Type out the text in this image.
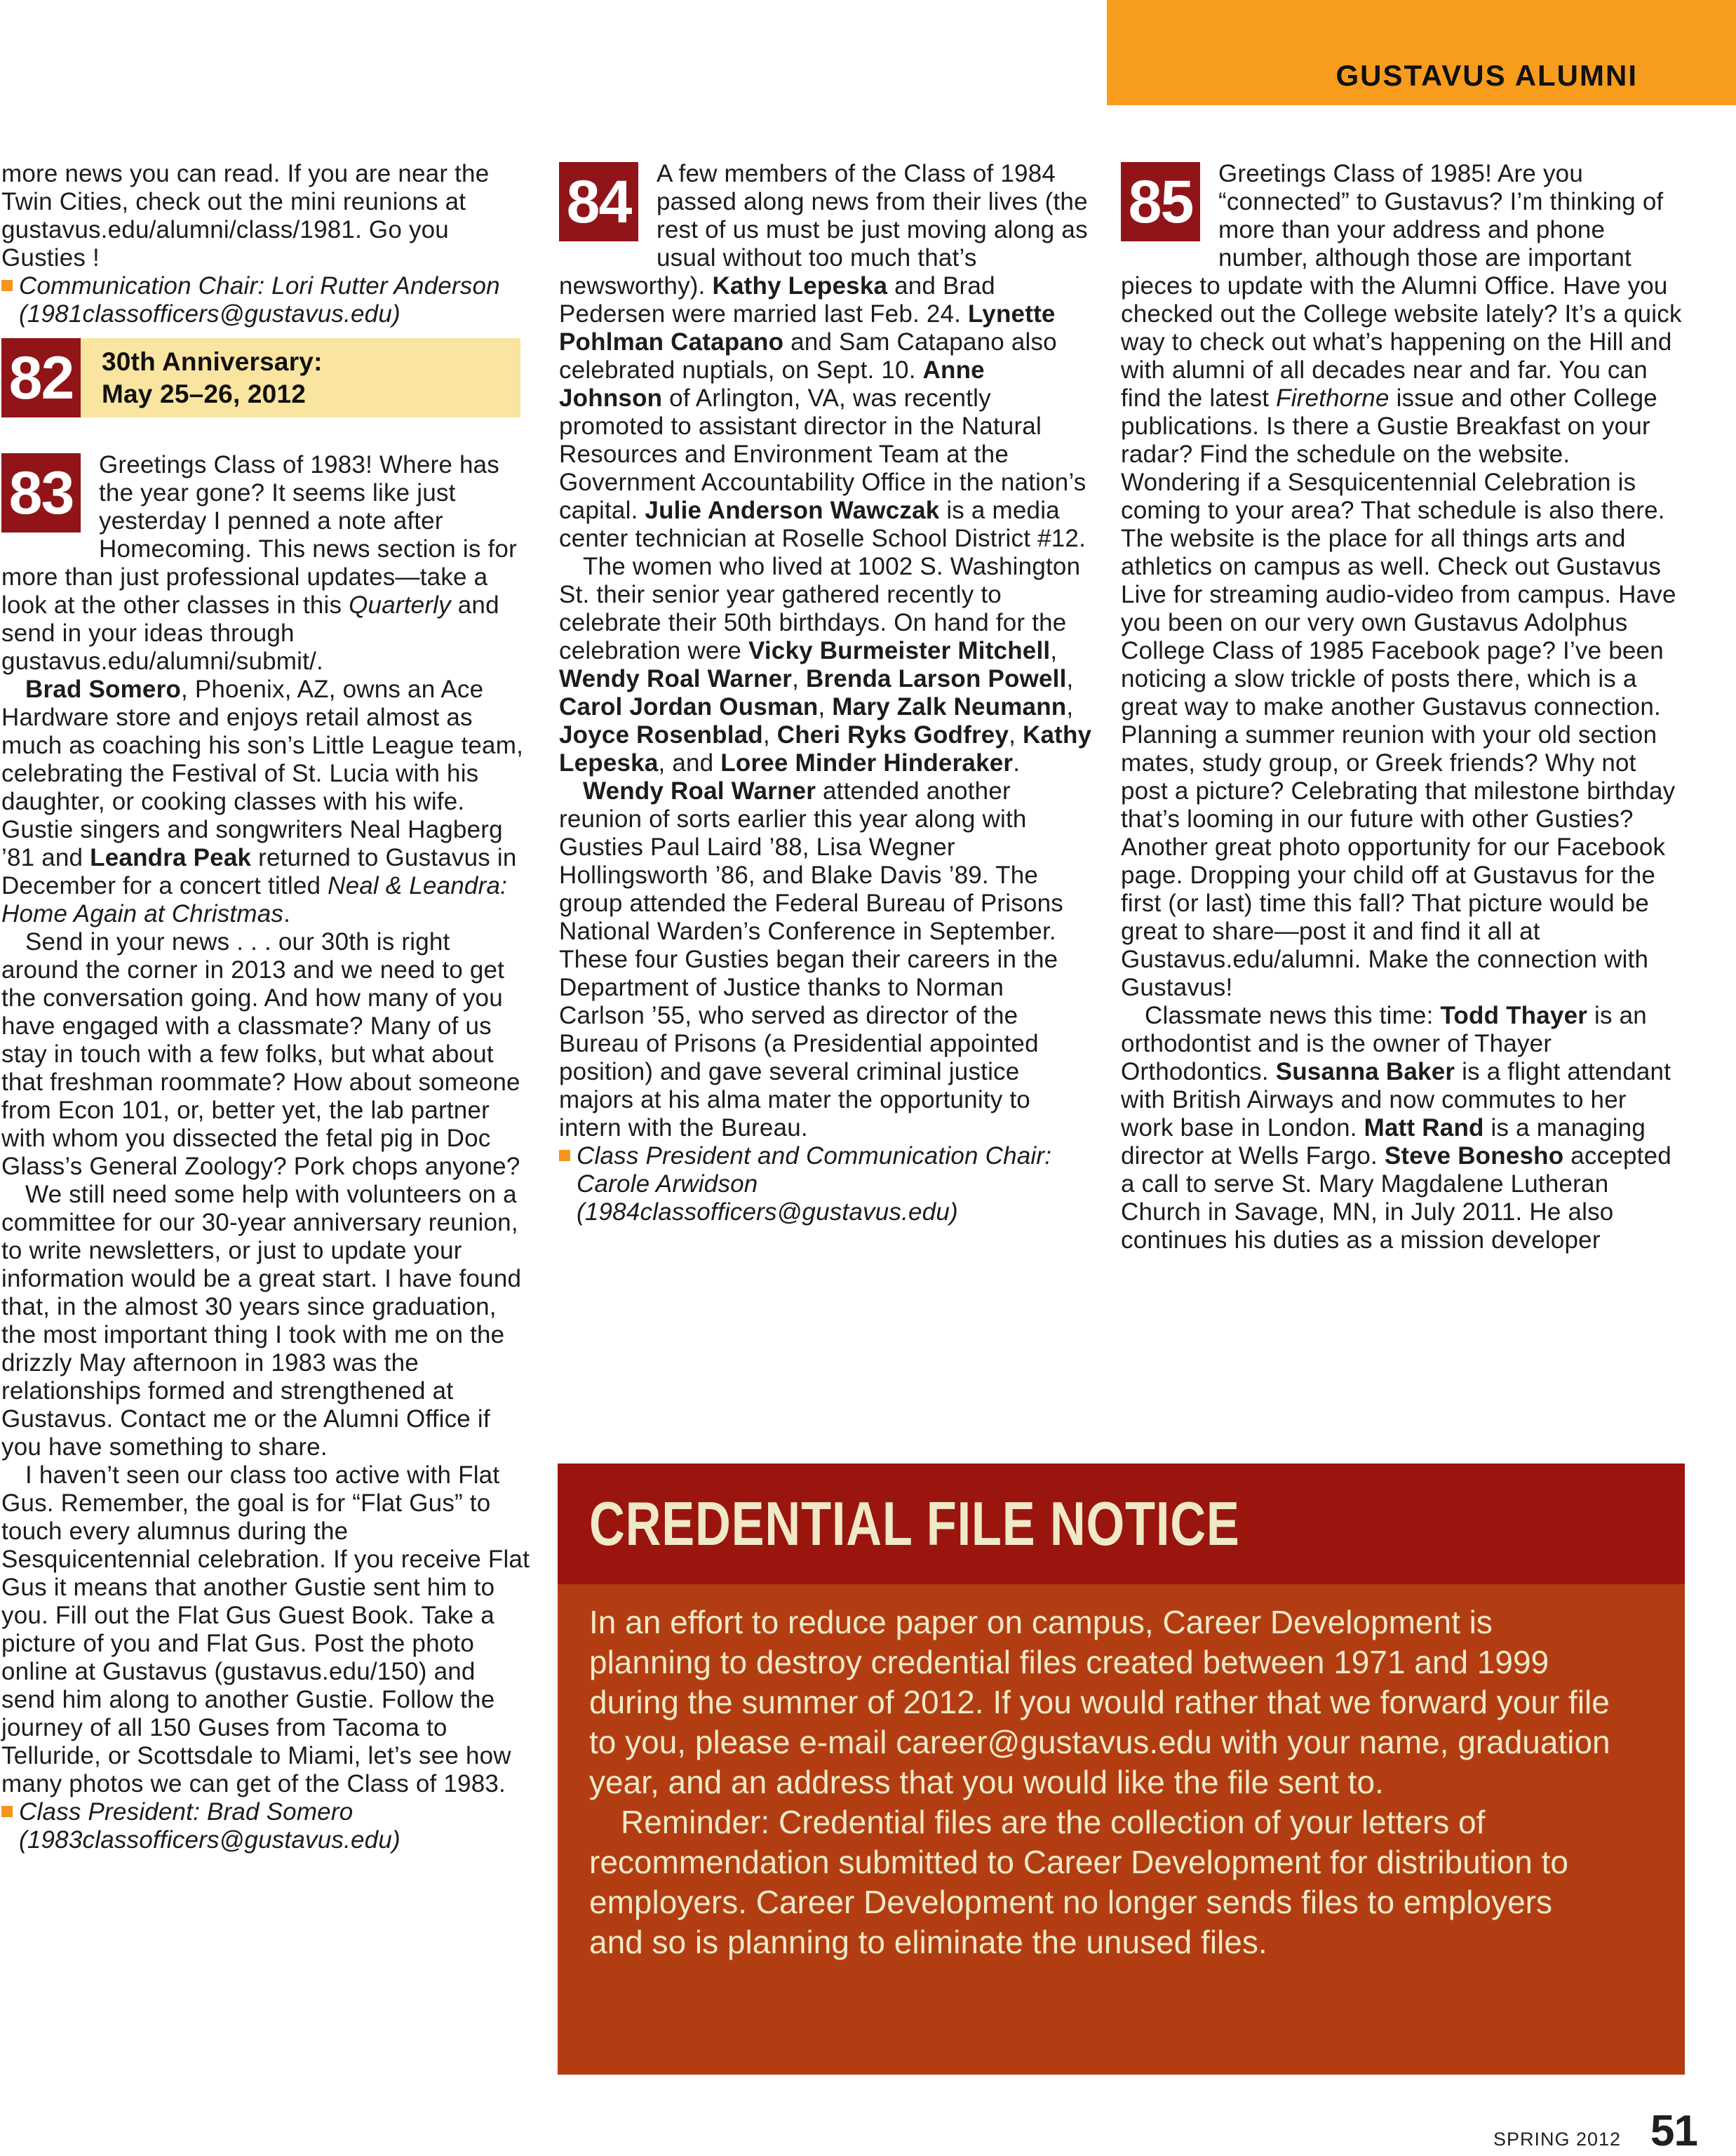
GUSTAVUS ALUMNI

more news you can read. If you are near the Twin Cities, check out the mini reunions at gustavus.edu/alumni/class/1981. Go you Gusties !

Communication Chair: Lori Rutter Anderson (1981classofficers@gustavus.edu)
82 30th Anniversary:
May 25–26, 2012

83	Greetings Class of 1983! Where has the year gone? It seems like just yesterday I penned a note after Homecoming. This news section is for more than just professional updates—take a look at the other classes in this Quarterly and send in your ideas through gustavus.edu/alumni/submit/.

Brad Somero, Phoenix, AZ, owns an Ace Hardware store and enjoys retail almost as much as coaching his son’s Little League team, celebrating the Festival of St. Lucia with his daughter, or cooking classes with his wife. Gustie singers and songwriters Neal Hagberg ’81 and Leandra Peak returned to Gustavus in December for a concert titled Neal & Leandra: Home Again at Christmas.

Send in your news . . . our 30th is right around the corner in 2013 and we need to get the conversation going. And how many of you have engaged with a classmate? Many of us stay in touch with a few folks, but what about that freshman roommate? How about someone from Econ 101, or, better yet, the lab partner with whom you dissected the fetal pig in Doc Glass’s General Zoology? Pork chops anyone?

We still need some help with volunteers on a committee for our 30-year anniversary reunion, to write newsletters, or just to update your information would be a great start. I have found that, in the almost 30 years since graduation, the most important thing I took with me on the drizzly May afternoon in 1983 was the relationships formed and strengthened at Gustavus. Contact me or the Alumni Office if you have something to share.

I haven’t seen our class too active with Flat Gus. Remember, the goal is for “Flat Gus” to touch every alumnus during the Sesquicentennial celebration. If you receive Flat Gus it means that another Gustie sent him to you. Fill out the Flat Gus Guest Book. Take a picture of you and Flat Gus. Post the photo online at Gustavus (gustavus.edu/150) and send him along to another Gustie. Follow the journey of all 150 Guses from Tacoma to Telluride, or Scottsdale to Miami, let’s see how many photos we can get of the Class of 1983.

Class President: Brad Somero (1983classofficers@gustavus.edu)

84	A few members of the Class of 1984 passed along news from their lives (the rest of us must be just moving along as usual without too much that’s newsworthy). Kathy Lepeska and Brad Pedersen were married last Feb. 24. Lynette Pohlman Catapano and Sam Catapano also celebrated nuptials, on Sept. 10. Anne Johnson of Arlington, VA, was recently promoted to assistant director in the Natural Resources and Environment Team at the Government Accountability Office in the nation’s capital. Julie Anderson Wawczak is a media center technician at Roselle School District #12.

The women who lived at 1002 S. Washington St. their senior year gathered recently to celebrate their 50th birthdays. On hand for the celebration were Vicky Burmeister Mitchell, Wendy Roal Warner, Brenda Larson Powell, Carol Jordan Ousman, Mary Zalk Neumann, Joyce Rosenblad, Cheri Ryks Godfrey, Kathy Lepeska, and Loree Minder Hinderaker.

Wendy Roal Warner attended another reunion of sorts earlier this year along with Gusties Paul Laird ’88, Lisa Wegner Hollingsworth ’86, and Blake Davis ’89. The group attended the Federal Bureau of Prisons National Warden’s Conference in September. These four Gusties began their careers in the Department of Justice thanks to Norman Carlson ’55, who served as director of the Bureau of Prisons (a Presidential appointed position) and gave several criminal justice majors at his alma mater the opportunity to intern with the Bureau.

Class President and Communication Chair: Carole Arwidson (1984classofficers@gustavus.edu)

85	Greetings Class of 1985! Are you “connected” to Gustavus? I’m thinking of more than your address and phone number, although those are important pieces to update with the Alumni Office. Have you checked out the College website lately? It’s a quick way to check out what’s happening on the Hill and with alumni of all decades near and far. You can find the latest Firethorne issue and other College publications. Is there a Gustie Breakfast on your radar? Find the schedule on the website. Wondering if a Sesquicentennial Celebration is coming to your area? That schedule is also there. The website is the place for all things arts and athletics on campus as well. Check out Gustavus Live for streaming audio-video from campus. Have you been on our very own Gustavus Adolphus College Class of 1985 Facebook page? I’ve been noticing a slow trickle of posts there, which is a great way to make another Gustavus connection. Planning a summer reunion with your old section mates, study group, or Greek friends? Why not post a picture? Celebrating that milestone birthday that’s looming in our future with other Gusties? Another great photo opportunity for our Facebook page. Dropping your child off at Gustavus for the first (or last) time this fall? That picture would be great to share—post it and find it all at Gustavus.edu/alumni. Make the connection with Gustavus!

Classmate news this time: Todd Thayer is an orthodontist and is the owner of Thayer Orthodontics. Susanna Baker is a flight attendant with British Airways and now commutes to her work base in London. Matt Rand is a managing director at Wells Fargo. Steve Bonesho accepted a call to serve St. Mary Magdalene Lutheran Church in Savage, MN, in July 2011. He also continues his duties as a mission developer

CREDENTIAL FILE NOTICE

In an effort to reduce paper on campus, Career Development is planning to destroy credential files created between 1971 and 1999 during the summer of 2012. If you would rather that we forward your file to you, please e-mail career@gustavus.edu with your name, graduation year, and an address that you would like the file sent to.

Reminder: Credential files are the collection of your letters of recommendation submitted to Career Development for distribution to employers. Career Development no longer sends files to employers and so is planning to eliminate the unused files.

SPRING 2012 51
